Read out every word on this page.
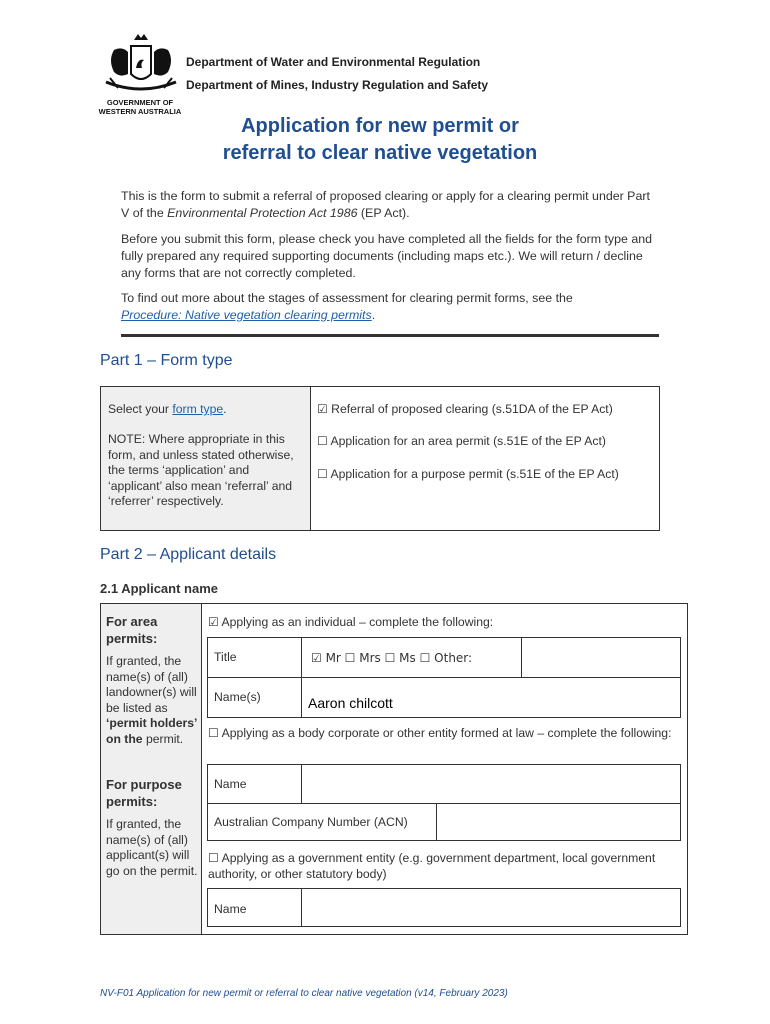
GOVERNMENT OF
WESTERN AUSTRALIA
Department of Water and Environmental Regulation
Department of Mines, Industry Regulation and Safety
Application for new permit or
referral to clear native vegetation
This is the form to submit a referral of proposed clearing or apply for a clearing permit under Part V of the Environmental Protection Act 1986 (EP Act).
Before you submit this form, please check you have completed all the fields for the form type and fully prepared any required supporting documents (including maps etc.). We will return / decline any forms that are not correctly completed.
To find out more about the stages of assessment for clearing permit forms, see the
Procedure: Native vegetation clearing permits.
Part 1 – Form type
Select your form type.
NOTE: Where appropriate in this form, and unless stated otherwise, the terms ‘application’ and ‘applicant’ also mean ‘referral’ and ‘referrer’ respectively.
☑ Referral of proposed clearing (s.51DA of the EP Act)
☐ Application for an area permit (s.51E of the EP Act)
☐ Application for a purpose permit (s.51E of the EP Act)
Part 2 – Applicant details
2.1 Applicant name
For area permits:
If granted, the name(s) of (all) landowner(s) will be listed as ‘permit holders’ on the permit.
For purpose permits:
If granted, the name(s) of (all) applicant(s) will go on the permit.
☑ Applying as an individual – complete the following:
Title	☑ Mr ☐ Mrs ☐ Ms ☐ Other:
Name(s)	Aaron chilcott
☐ Applying as a body corporate or other entity formed at law – complete the following:
Name
Australian Company Number (ACN)
☐ Applying as a government entity (e.g. government department, local government authority, or other statutory body)
Name
NV-F01 Application for new permit or referral to clear native vegetation (v14, February 2023)
